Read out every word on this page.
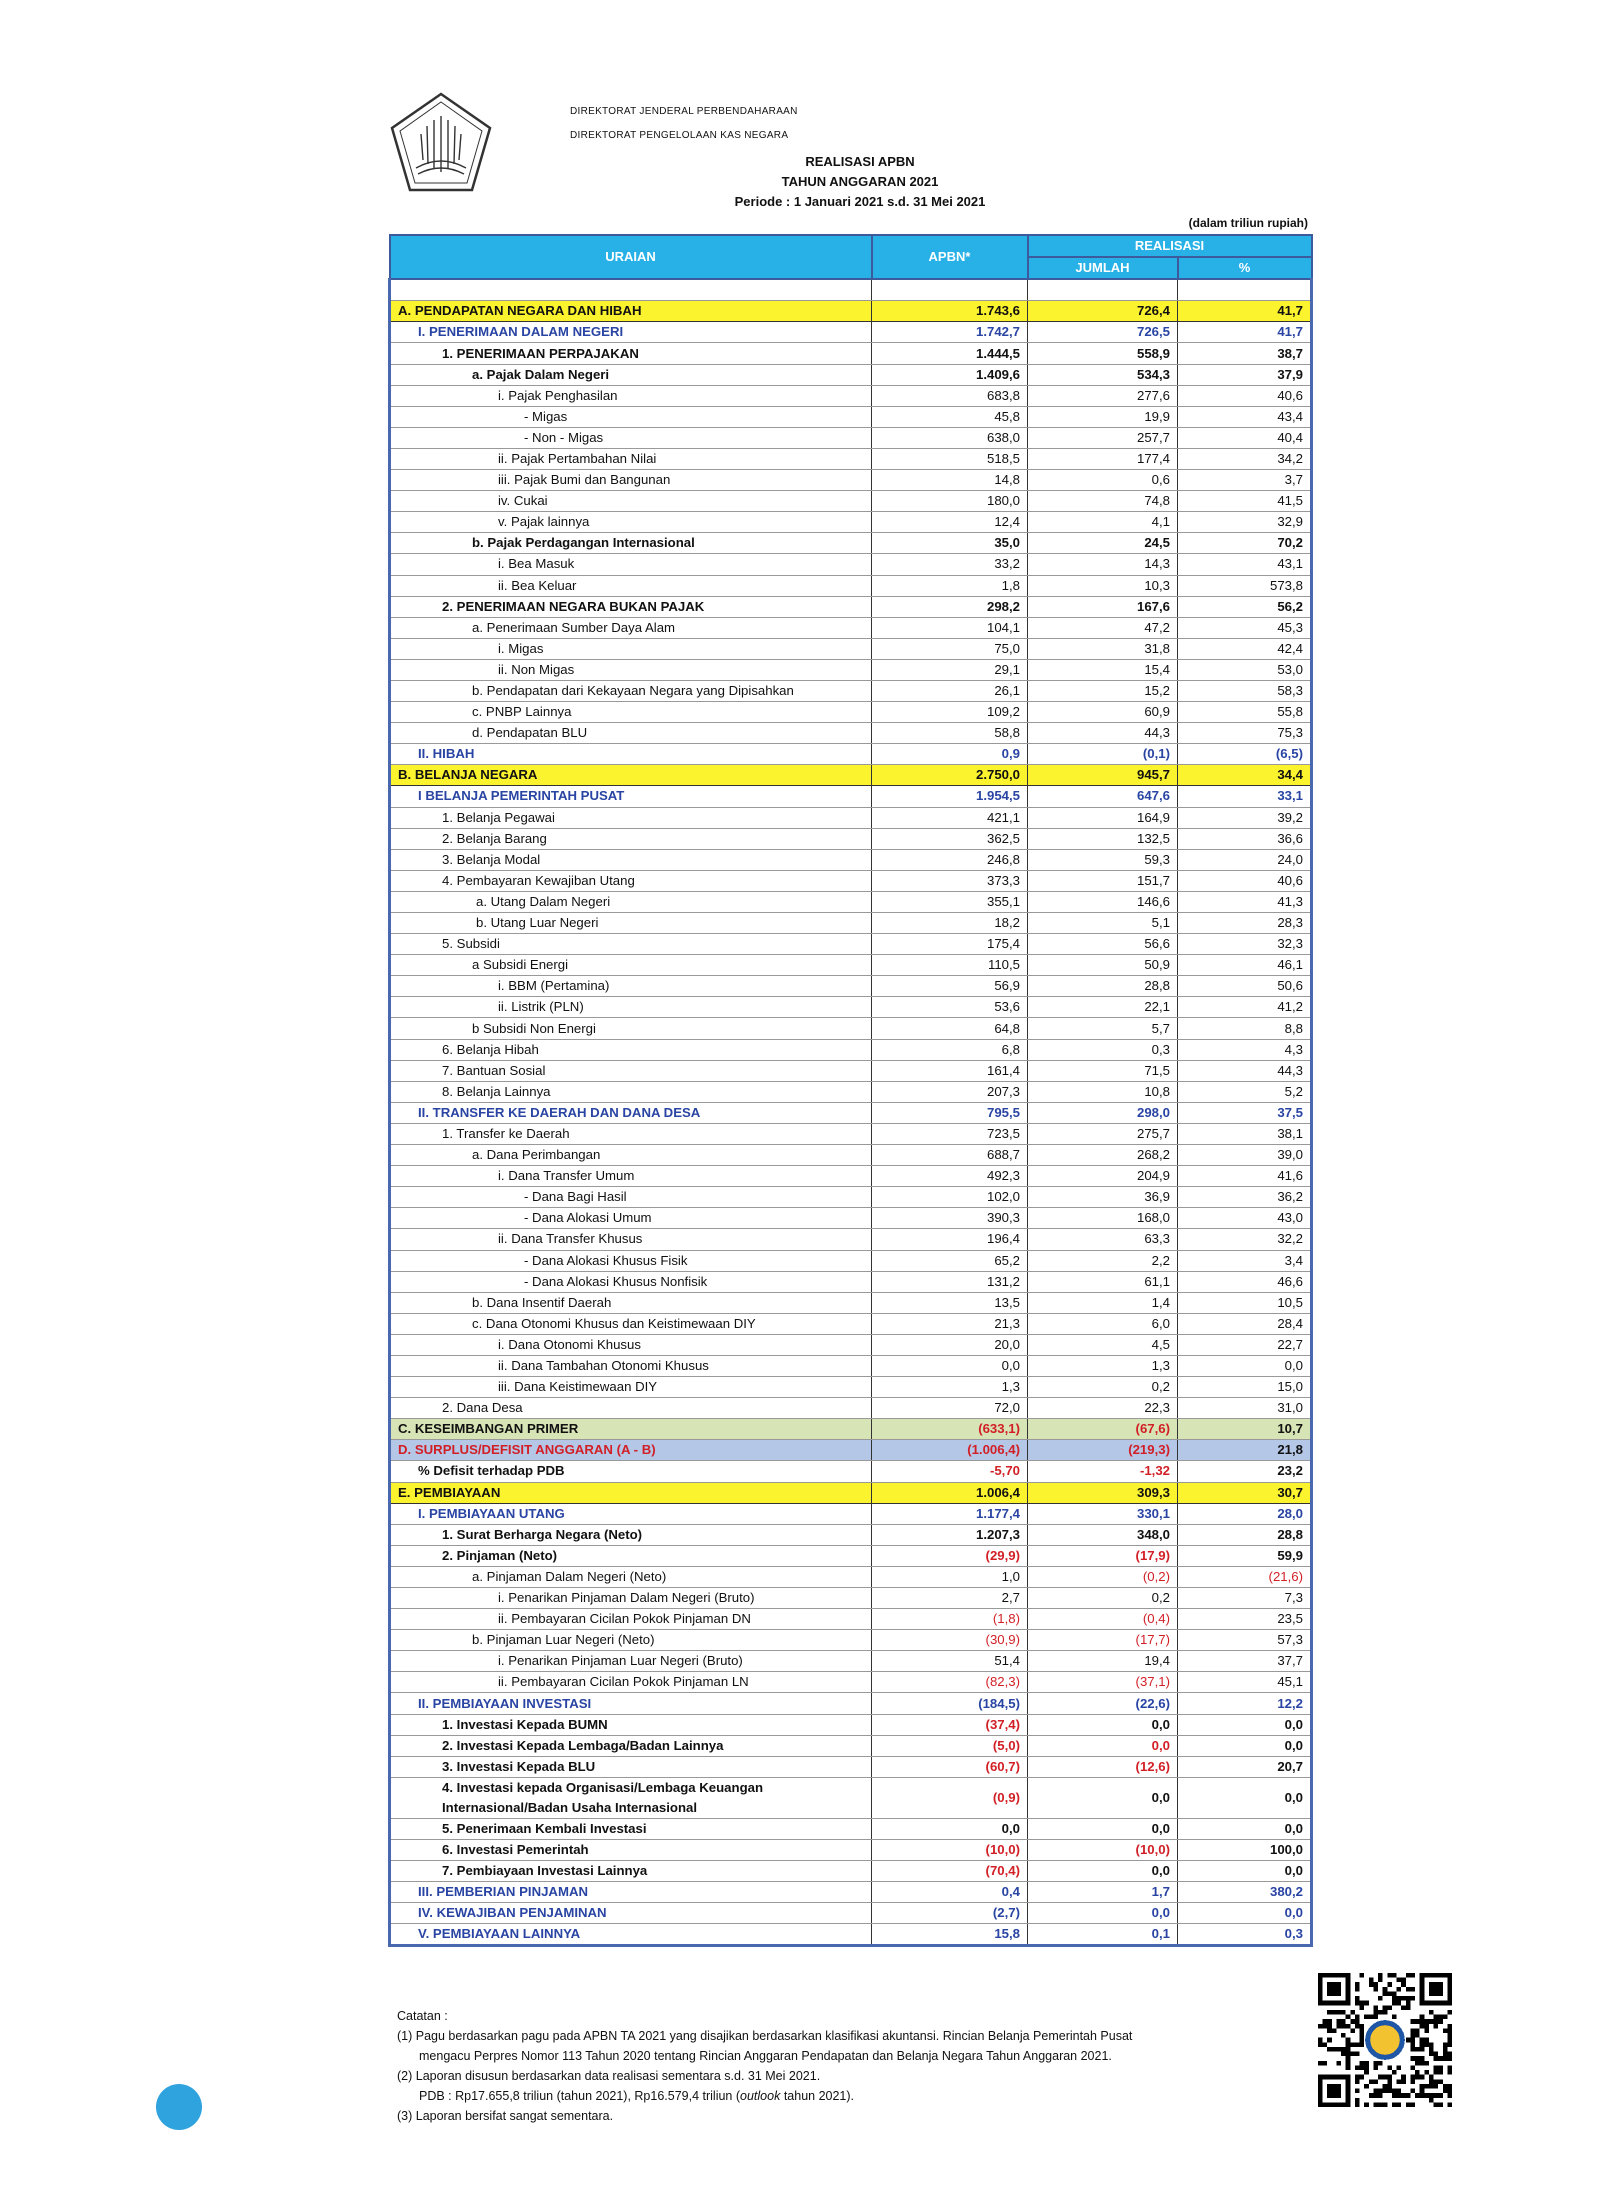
DIREKTORAT JENDERAL PERBENDAHARAAN
DIREKTORAT PENGELOLAAN KAS NEGARA
REALISASI APBN
TAHUN ANGGARAN 2021
Periode : 1 Januari 2021 s.d. 31 Mei 2021
(dalam triliun rupiah)
URAIAN	APBN*	REALISASI	
		JUMLAH	%

A. PENDAPATAN NEGARA DAN HIBAH	1.743,6	726,4	41,7
I. PENERIMAAN DALAM NEGERI	1.742,7	726,5	41,7
1. PENERIMAAN PERPAJAKAN	1.444,5	558,9	38,7
a. Pajak Dalam Negeri	1.409,6	534,3	37,9
i. Pajak Penghasilan	683,8	277,6	40,6
- Migas	45,8	19,9	43,4
- Non - Migas	638,0	257,7	40,4
ii. Pajak Pertambahan Nilai	518,5	177,4	34,2
iii. Pajak Bumi dan Bangunan	14,8	0,6	3,7
iv. Cukai	180,0	74,8	41,5
v. Pajak lainnya	12,4	4,1	32,9
b. Pajak Perdagangan Internasional	35,0	24,5	70,2
i. Bea Masuk	33,2	14,3	43,1
ii. Bea Keluar	1,8	10,3	573,8
2. PENERIMAAN NEGARA BUKAN PAJAK	298,2	167,6	56,2
a. Penerimaan Sumber Daya Alam	104,1	47,2	45,3
i. Migas	75,0	31,8	42,4
ii. Non Migas	29,1	15,4	53,0
b. Pendapatan dari Kekayaan Negara yang Dipisahkan	26,1	15,2	58,3
c. PNBP Lainnya	109,2	60,9	55,8
d. Pendapatan BLU	58,8	44,3	75,3
II. HIBAH	0,9	(0,1)	(6,5)
B. BELANJA NEGARA	2.750,0	945,7	34,4
I BELANJA PEMERINTAH PUSAT	1.954,5	647,6	33,1
1. Belanja Pegawai	421,1	164,9	39,2
2. Belanja Barang	362,5	132,5	36,6
3. Belanja Modal	246,8	59,3	24,0
4. Pembayaran Kewajiban Utang	373,3	151,7	40,6
a. Utang Dalam Negeri	355,1	146,6	41,3
b. Utang Luar Negeri	18,2	5,1	28,3
5. Subsidi	175,4	56,6	32,3
a Subsidi Energi	110,5	50,9	46,1
i. BBM (Pertamina)	56,9	28,8	50,6
ii. Listrik (PLN)	53,6	22,1	41,2
b Subsidi Non Energi	64,8	5,7	8,8
6. Belanja Hibah	6,8	0,3	4,3
7. Bantuan Sosial	161,4	71,5	44,3
8. Belanja Lainnya	207,3	10,8	5,2
II. TRANSFER KE DAERAH DAN DANA DESA	795,5	298,0	37,5
1. Transfer ke Daerah	723,5	275,7	38,1
a. Dana Perimbangan	688,7	268,2	39,0
i. Dana Transfer Umum	492,3	204,9	41,6
- Dana Bagi Hasil	102,0	36,9	36,2
- Dana Alokasi Umum	390,3	168,0	43,0
ii. Dana Transfer Khusus	196,4	63,3	32,2
- Dana Alokasi Khusus Fisik	65,2	2,2	3,4
- Dana Alokasi Khusus Nonfisik	131,2	61,1	46,6
b. Dana Insentif Daerah	13,5	1,4	10,5
c. Dana Otonomi Khusus dan Keistimewaan DIY	21,3	6,0	28,4
i. Dana Otonomi Khusus	20,0	4,5	22,7
ii. Dana Tambahan Otonomi Khusus	0,0	1,3	0,0
iii. Dana Keistimewaan DIY	1,3	0,2	15,0
2. Dana Desa	72,0	22,3	31,0
C. KESEIMBANGAN PRIMER	(633,1)	(67,6)	10,7
D. SURPLUS/DEFISIT ANGGARAN (A - B)	(1.006,4)	(219,3)	21,8
% Defisit terhadap PDB	-5,70	-1,32	23,2
E. PEMBIAYAAN	1.006,4	309,3	30,7
I. PEMBIAYAAN UTANG	1.177,4	330,1	28,0
1. Surat Berharga Negara (Neto)	1.207,3	348,0	28,8
2. Pinjaman (Neto)	(29,9)	(17,9)	59,9
a. Pinjaman Dalam Negeri (Neto)	1,0	(0,2)	(21,6)
i. Penarikan Pinjaman Dalam Negeri (Bruto)	2,7	0,2	7,3
ii. Pembayaran Cicilan Pokok Pinjaman DN	(1,8)	(0,4)	23,5
b. Pinjaman Luar Negeri (Neto)	(30,9)	(17,7)	57,3
i. Penarikan Pinjaman Luar Negeri (Bruto)	51,4	19,4	37,7
ii. Pembayaran Cicilan Pokok Pinjaman LN	(82,3)	(37,1)	45,1
II. PEMBIAYAAN INVESTASI	(184,5)	(22,6)	12,2
1. Investasi Kepada BUMN	(37,4)	0,0	0,0
2. Investasi Kepada Lembaga/Badan Lainnya	(5,0)	0,0	0,0
3. Investasi Kepada BLU	(60,7)	(12,6)	20,7
4. Investasi kepada Organisasi/Lembaga Keuangan Internasional/Badan Usaha Internasional	(0,9)	0,0	0,0
5. Penerimaan Kembali Investasi	0,0	0,0	0,0
6. Investasi Pemerintah	(10,0)	(10,0)	100,0
7. Pembiayaan Investasi Lainnya	(70,4)	0,0	0,0
III. PEMBERIAN PINJAMAN	0,4	1,7	380,2
IV. KEWAJIBAN PENJAMINAN	(2,7)	0,0	0,0
V. PEMBIAYAAN LAINNYA	15,8	0,1	0,3

Catatan :

(1) Pagu berdasarkan pagu pada APBN TA 2021 yang disajikan berdasarkan klasifikasi akuntansi. Rincian Belanja Pemerintah Pusat

mengacu Perpres Nomor 113 Tahun 2020 tentang Rincian Anggaran Pendapatan dan Belanja Negara Tahun Anggaran 2021.

(2) Laporan disusun berdasarkan data realisasi sementara s.d. 31 Mei 2021.

PDB : Rp17.655,8 triliun (tahun 2021), Rp16.579,4 triliun (outlook tahun 2021).

(3) Laporan bersifat sangat sementara.
